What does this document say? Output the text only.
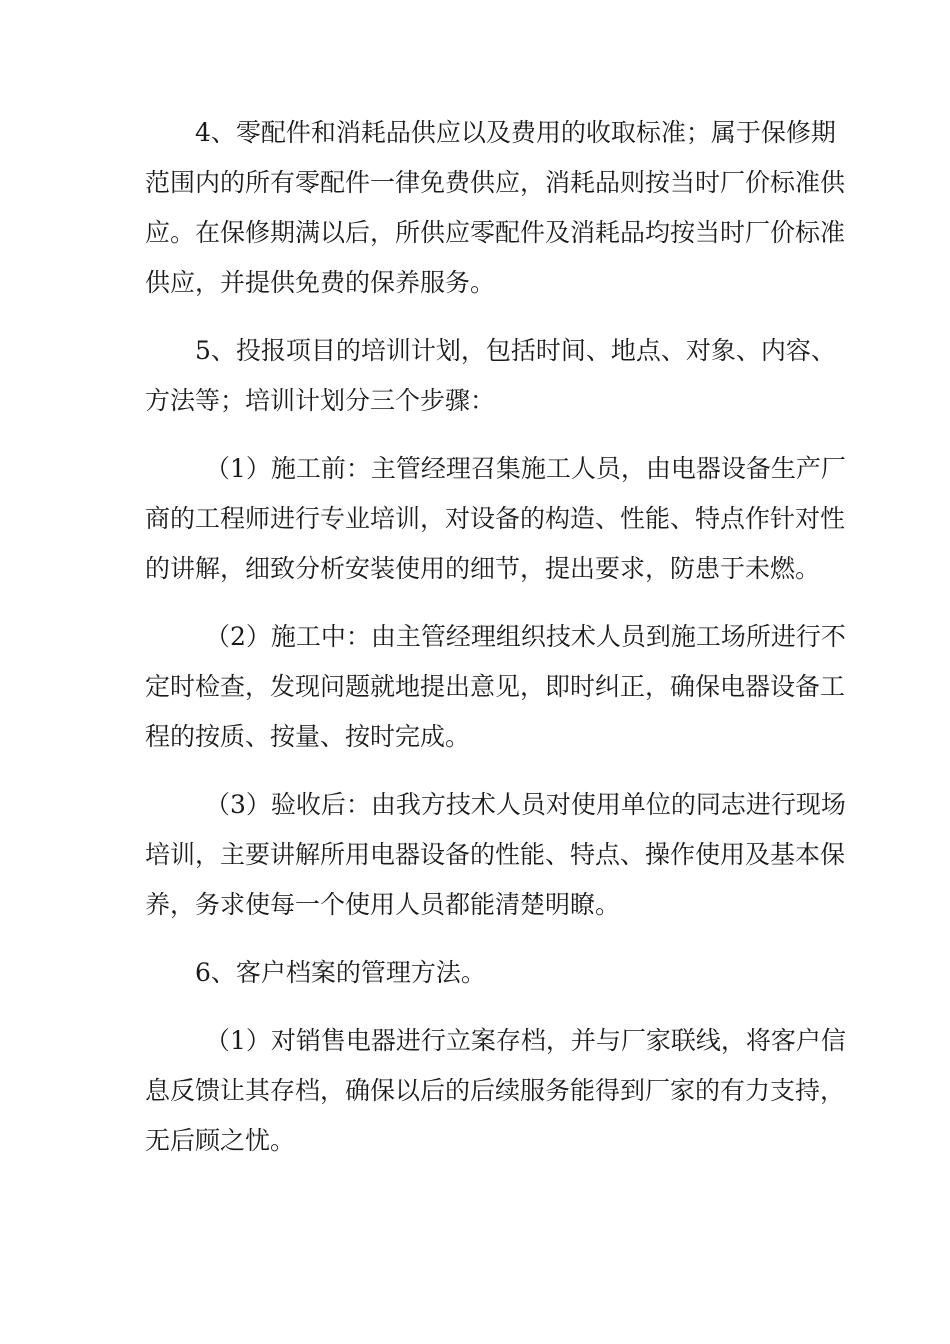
4、零配件和消耗品供应以及费用的收取标准；属于保修期
范围内的所有零配件一律免费供应，消耗品则按当时厂价标准供
应。在保修期满以后，所供应零配件及消耗品均按当时厂价标准
供应，并提供免费的保养服务。
5、投报项目的培训计划，包括时间、地点、对象、内容、
方法等；培训计划分三个步骤：
（1）施工前：主管经理召集施工人员，由电器设备生产厂
商的工程师进行专业培训，对设备的构造、性能、特点作针对性
的讲解，细致分析安装使用的细节，提出要求，防患于未燃。
（2）施工中：由主管经理组织技术人员到施工场所进行不
定时检查，发现问题就地提出意见，即时纠正，确保电器设备工
程的按质、按量、按时完成。
（3）验收后：由我方技术人员对使用单位的同志进行现场
培训，主要讲解所用电器设备的性能、特点、操作使用及基本保
养，务求使每一个使用人员都能清楚明瞭。
6、客户档案的管理方法。
（1）对销售电器进行立案存档，并与厂家联线，将客户信
息反馈让其存档，确保以后的后续服务能得到厂家的有力支持，
无后顾之忧。
